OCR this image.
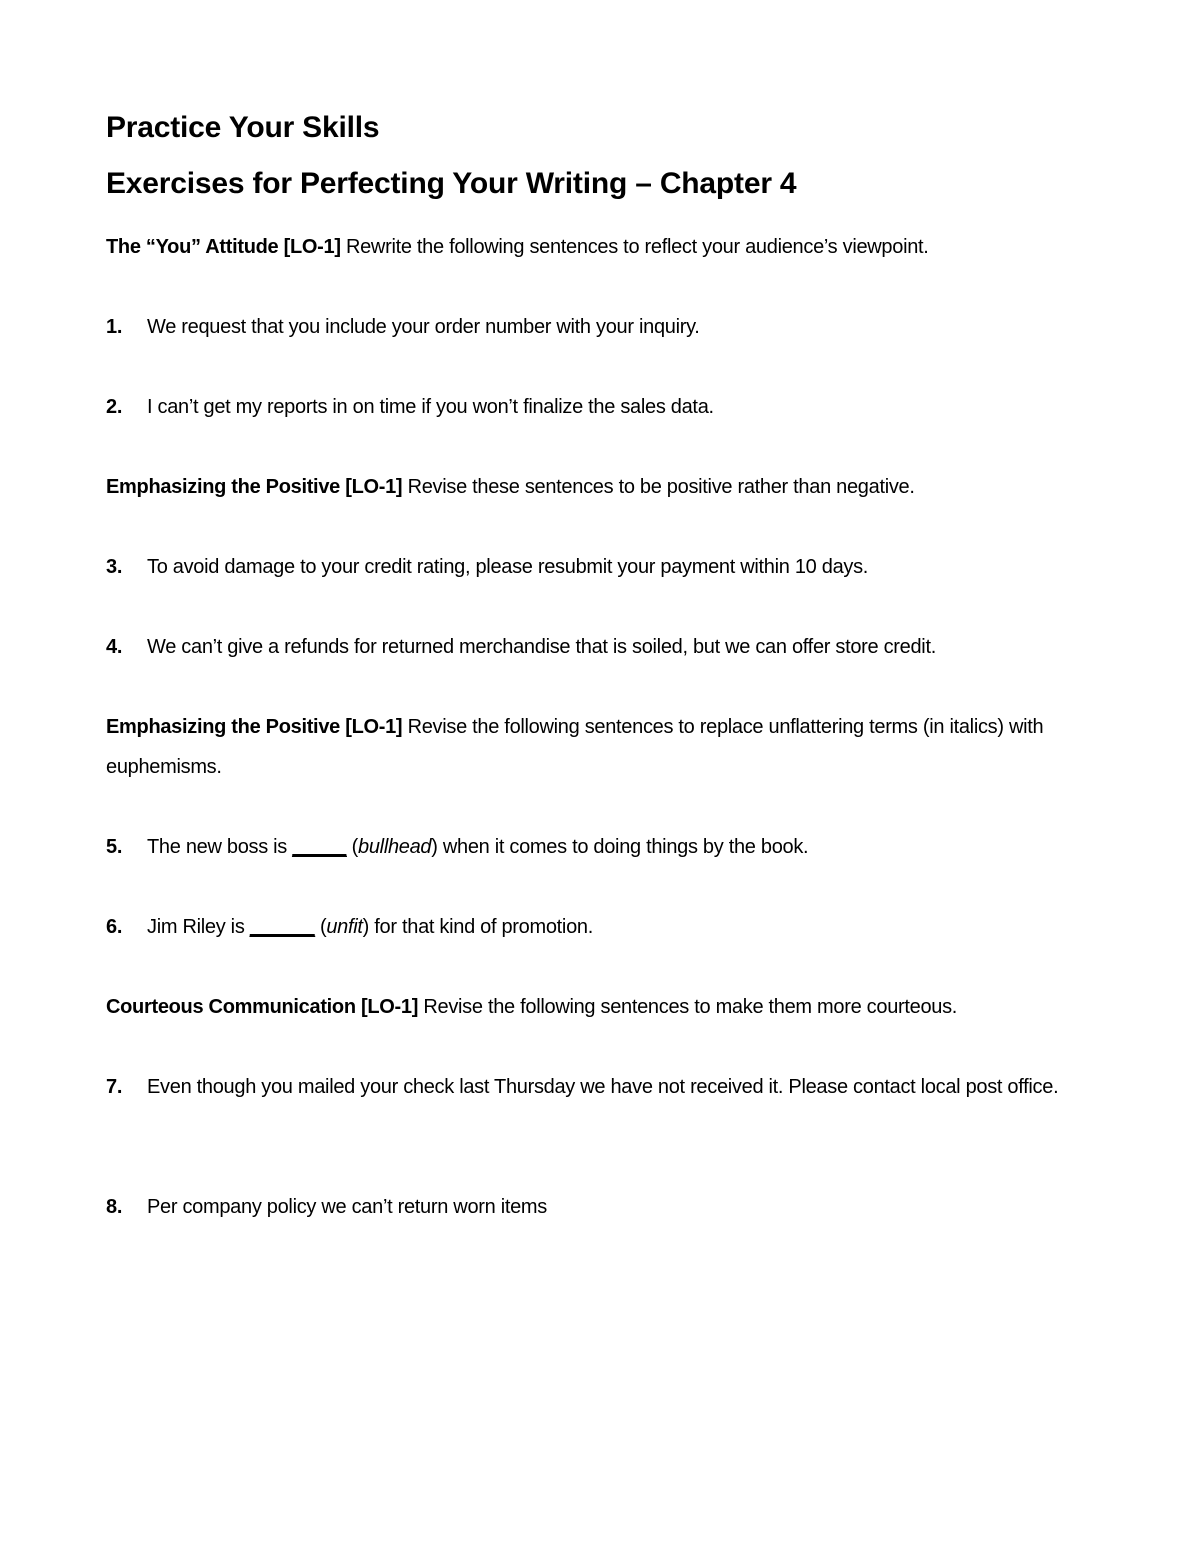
Practice Your Skills
Exercises for Perfecting Your Writing – Chapter 4
The “You” Attitude [LO-1] Rewrite the following sentences to reflect your audience’s viewpoint.
1.	We request that you include your order number with your inquiry.
2.	I can’t get my reports in on time if you won’t finalize the sales data.
Emphasizing the Positive [LO-1] Revise these sentences to be positive rather than negative.
3.	To avoid damage to your credit rating, please resubmit your payment within 10 days.
4.	We can’t give a refunds for returned merchandise that is soiled, but we can offer store credit.
Emphasizing the Positive [LO-1] Revise the following sentences to replace unflattering terms (in italics) with euphemisms.
5.	The new boss is _____ (bullhead) when it comes to doing things by the book.
6.	Jim Riley is ______ (unfit) for that kind of promotion.
Courteous Communication [LO-1] Revise the following sentences to make them more courteous.
7.	Even though you mailed your check last Thursday we have not received it. Please contact local post office.
8.	Per company policy we can’t return worn items
